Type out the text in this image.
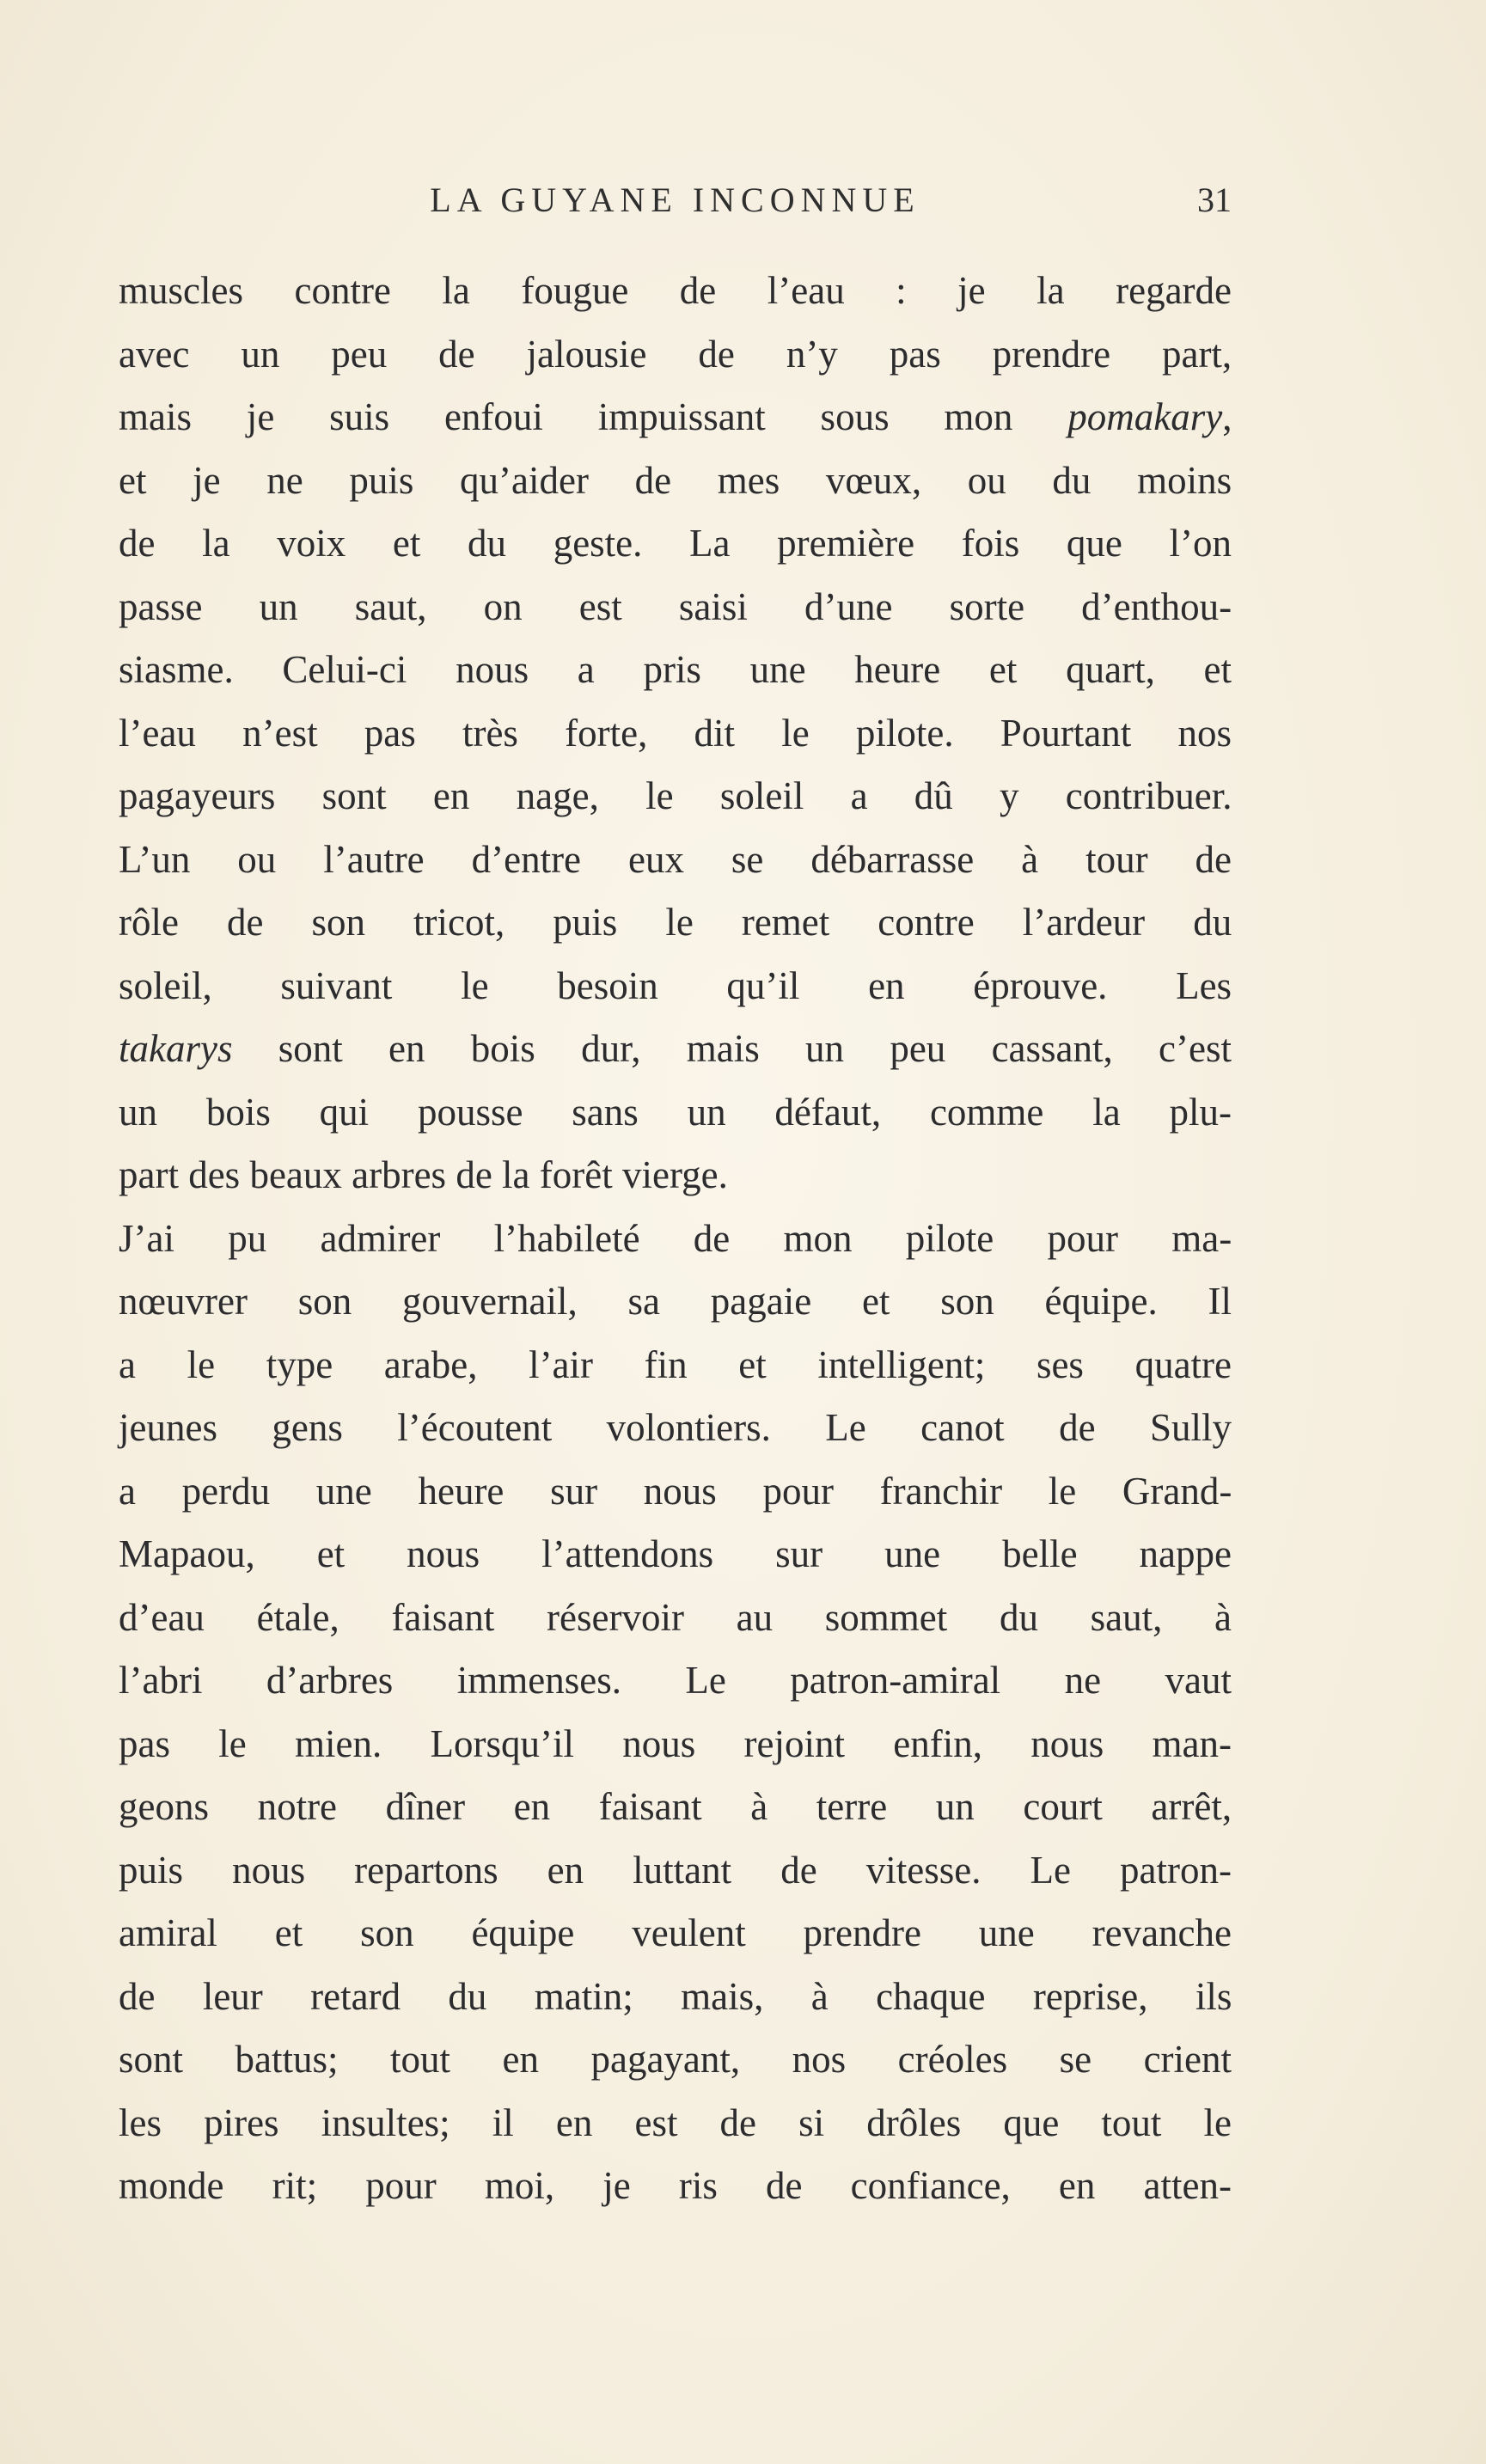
LA GUYANE INCONNUE	31
muscles contre la fougue de l’eau : je la regarde
avec un peu de jalousie de n’y pas prendre part,
mais je suis enfoui impuissant sous mon pomakary,
et je ne puis qu’aider de mes vœux, ou du moins
de la voix et du geste. La première fois que l’on
passe un saut, on est saisi d’une sorte d’enthou-
siasme. Celui-ci nous a pris une heure et quart, et
l’eau n’est pas très forte, dit le pilote. Pourtant nos
pagayeurs sont en nage, le soleil a dû y contribuer.
L’un ou l’autre d’entre eux se débarrasse à tour de
rôle de son tricot, puis le remet contre l’ardeur du
soleil, suivant le besoin qu’il en éprouve. Les
takarys sont en bois dur, mais un peu cassant, c’est
un bois qui pousse sans un défaut, comme la plu-
part des beaux arbres de la forêt vierge.
J’ai pu admirer l’habileté de mon pilote pour ma-
nœuvrer son gouvernail, sa pagaie et son équipe. Il
a le type arabe, l’air fin et intelligent; ses quatre
jeunes gens l’écoutent volontiers. Le canot de Sully
a perdu une heure sur nous pour franchir le Grand-
Mapaou, et nous l’attendons sur une belle nappe
d’eau étale, faisant réservoir au sommet du saut, à
l’abri d’arbres immenses. Le patron-amiral ne vaut
pas le mien. Lorsqu’il nous rejoint enfin, nous man-
geons notre dîner en faisant à terre un court arrêt,
puis nous repartons en luttant de vitesse. Le patron-
amiral et son équipe veulent prendre une revanche
de leur retard du matin; mais, à chaque reprise, ils
sont battus; tout en pagayant, nos créoles se crient
les pires insultes; il en est de si drôles que tout le
monde rit; pour moi, je ris de confiance, en atten-
